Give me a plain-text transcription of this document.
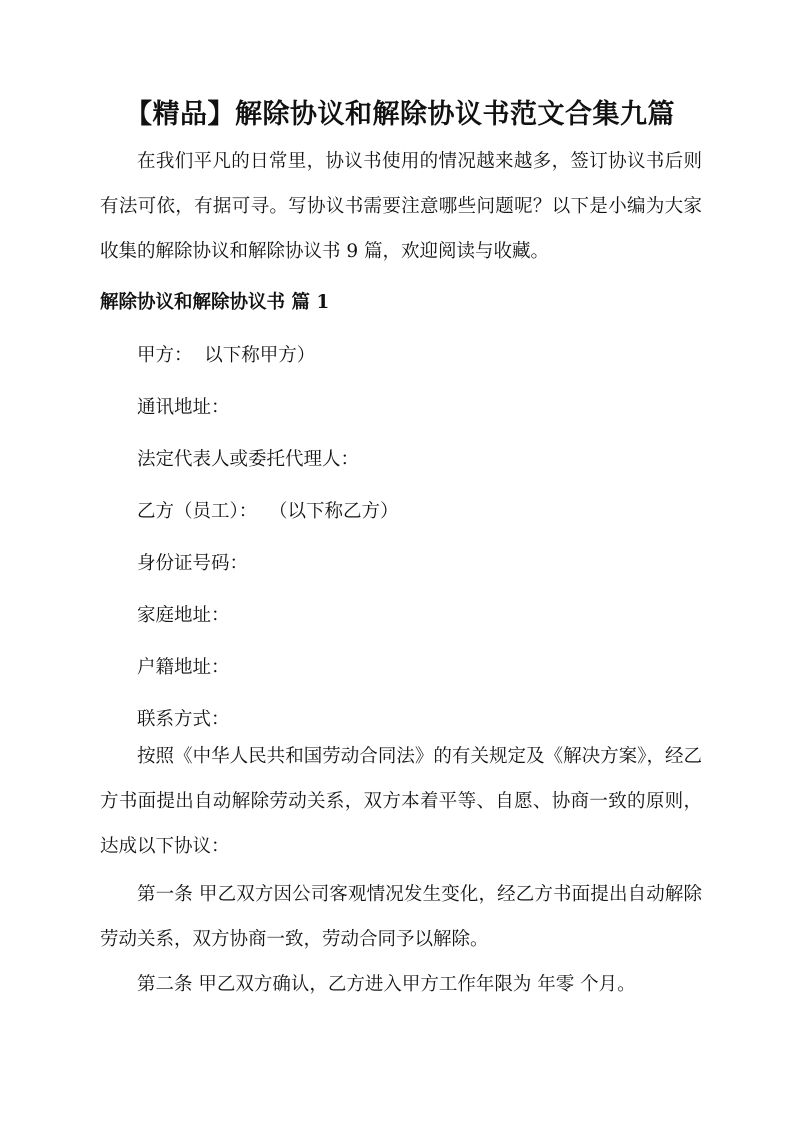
【精品】解除协议和解除协议书范文合集九篇
在我们平凡的日常里，协议书使用的情况越来越多，签订协议书后则有法可依，有据可寻。写协议书需要注意哪些问题呢？以下是小编为大家收集的解除协议和解除协议书 9 篇，欢迎阅读与收藏。
解除协议和解除协议书 篇 1
甲方：  以下称甲方）
通讯地址：
法定代表人或委托代理人：
乙方（员工）：  （以下称乙方）
身份证号码：
家庭地址：
户籍地址：
联系方式：
按照《中华人民共和国劳动合同法》的有关规定及《解决方案》，经乙方书面提出自动解除劳动关系，双方本着平等、自愿、协商一致的原则，达成以下协议：
第一条 甲乙双方因公司客观情况发生变化，经乙方书面提出自动解除劳动关系，双方协商一致，劳动合同予以解除。
第二条 甲乙双方确认，乙方进入甲方工作年限为 年零 个月。
